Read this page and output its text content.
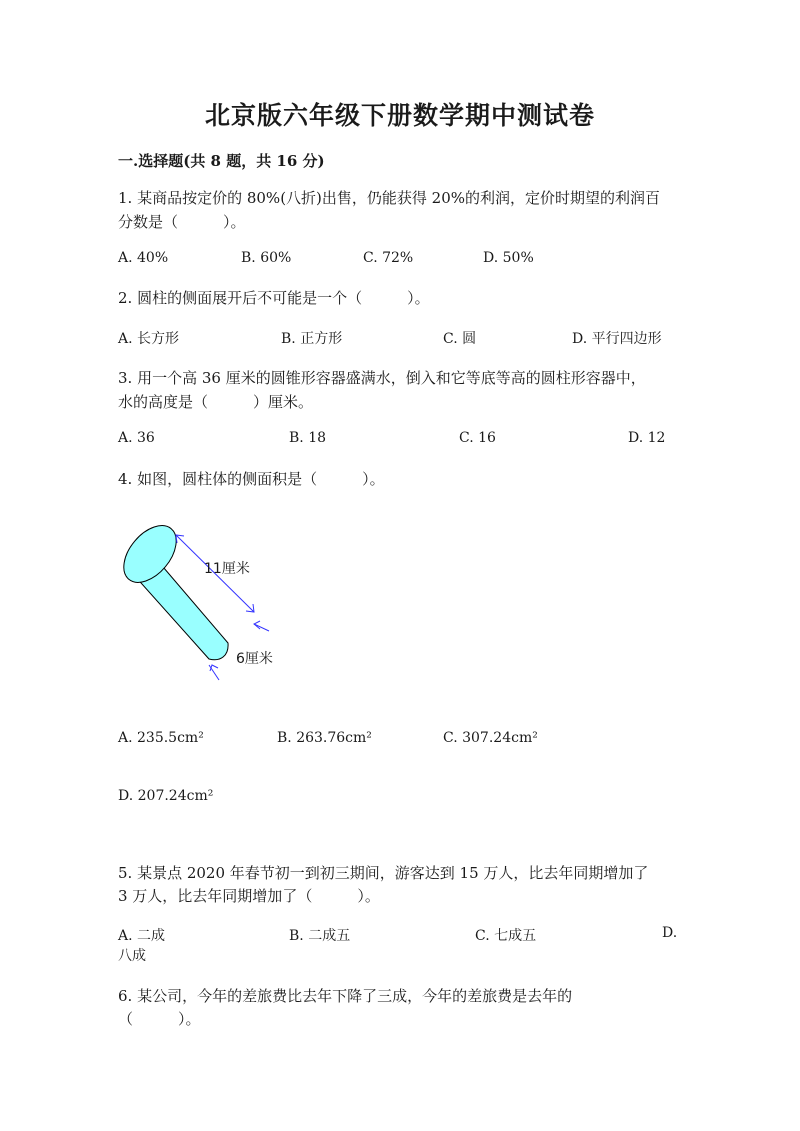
北京版六年级下册数学期中测试卷
一.选择题(共 8 题，共 16 分)
1. 某商品按定价的 80%(八折)出售，仍能获得 20%的利润，定价时期望的利润百
分数是（　　　）。
A. 40%	B. 60%	C. 72%	D. 50%
2. 圆柱的侧面展开后不可能是一个（　　　）。
A. 长方形	B. 正方形	C. 圆	D. 平行四边形
3. 用一个高 36 厘米的圆锥形容器盛满水，倒入和它等底等高的圆柱形容器中，
水的高度是（　　　）厘米。
A. 36	B. 18	C. 16	D. 12
4. 如图，圆柱体的侧面积是（　　　）。
11厘米
6厘米
A. 235.5cm²	B. 263.76cm²	C. 307.24cm²
D. 207.24cm²
5. 某景点 2020 年春节初一到初三期间，游客达到 15 万人，比去年同期增加了
3 万人，比去年同期增加了（　　　）。
A. 二成	B. 二成五	C. 七成五	D.
八成
6. 某公司，今年的差旅费比去年下降了三成，今年的差旅费是去年的
（　　　）。
